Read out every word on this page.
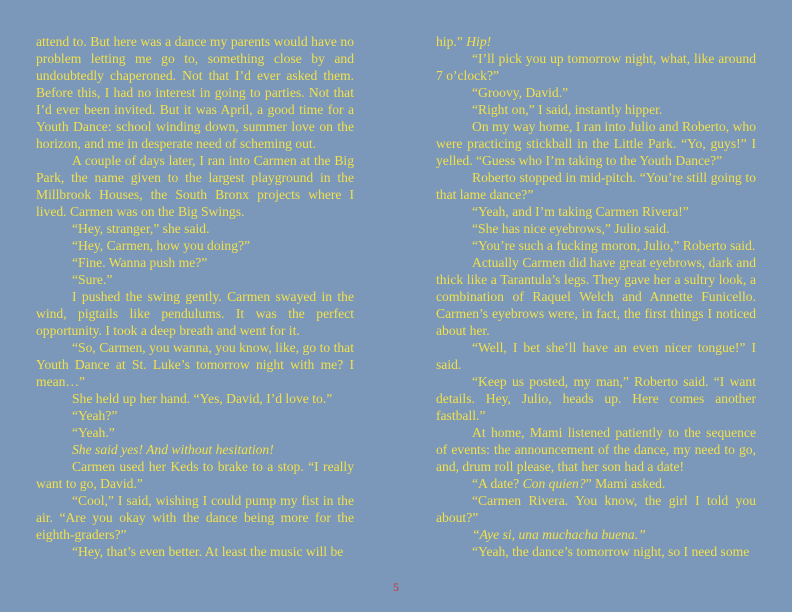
attend to. But here was a dance my parents would have no problem letting me go to, something close by and undoubtedly chaperoned. Not that I’d ever asked them. Before this, I had no interest in going to parties. Not that I’d ever been invited. But it was April, a good time for a Youth Dance: school winding down, summer love on the horizon, and me in desperate need of scheming out.

A couple of days later, I ran into Carmen at the Big Park, the name given to the largest playground in the Millbrook Houses, the South Bronx projects where I lived. Carmen was on the Big Swings.

“Hey, stranger,” she said.

“Hey, Carmen, how you doing?”

“Fine. Wanna push me?”

“Sure.”

I pushed the swing gently. Carmen swayed in the wind, pigtails like pendulums. It was the perfect opportunity. I took a deep breath and went for it.

“So, Carmen, you wanna, you know, like, go to that Youth Dance at St. Luke’s tomorrow night with me? I mean…”

She held up her hand. “Yes, David, I’d love to.”

“Yeah?”

“Yeah.”

She said yes! And without hesitation!

Carmen used her Keds to brake to a stop. “I really want to go, David.”

“Cool,” I said, wishing I could pump my fist in the air. “Are you okay with the dance being more for the eighth-graders?”

“Hey, that’s even better. At least the music will be

hip.” Hip!

“I’ll pick you up tomorrow night, what, like around 7 o’clock?”

“Groovy, David.”

“Right on,” I said, instantly hipper.

On my way home, I ran into Julio and Roberto, who were practicing stickball in the Little Park. “Yo, guys!” I yelled. “Guess who I’m taking to the Youth Dance?”

Roberto stopped in mid-pitch. “You’re still going to that lame dance?”

“Yeah, and I’m taking Carmen Rivera!”

“She has nice eyebrows,” Julio said.

“You’re such a fucking moron, Julio,” Roberto said.

Actually Carmen did have great eyebrows, dark and thick like a Tarantula’s legs. They gave her a sultry look, a combination of Raquel Welch and Annette Funicello. Carmen’s eyebrows were, in fact, the first things I noticed about her.

“Well, I bet she’ll have an even nicer tongue!” I said.

“Keep us posted, my man,” Roberto said. “I want details. Hey, Julio, heads up. Here comes another fastball.”

At home, Mami listened patiently to the sequence of events: the announcement of the dance, my need to go, and, drum roll please, that her son had a date!

“A date? Con quien?” Mami asked.

“Carmen Rivera. You know, the girl I told you about?”

“Aye si, una muchacha buena.”

“Yeah, the dance’s tomorrow night, so I need some

5
